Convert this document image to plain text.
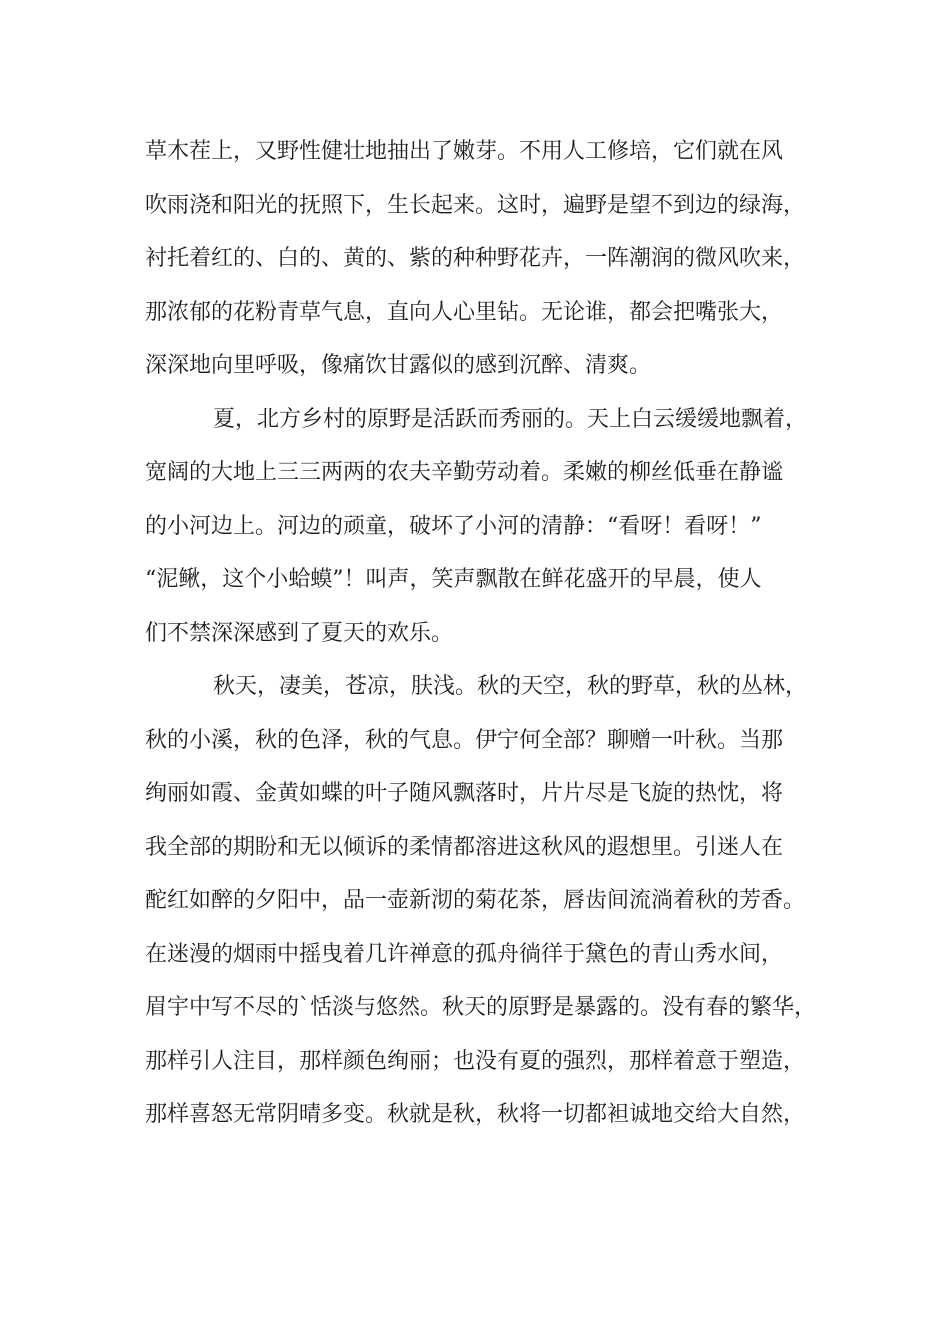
草木茬上，又野性健壮地抽出了嫩芽。不用人工修培，它们就在风
吹雨浇和阳光的抚照下，生长起来。这时，遍野是望不到边的绿海，
衬托着红的、白的、黄的、紫的种种野花卉，一阵潮润的微风吹来，
那浓郁的花粉青草气息，直向人心里钻。无论谁，都会把嘴张大，
深深地向里呼吸，像痛饮甘露似的感到沉醉、清爽。
夏，北方乡村的原野是活跃而秀丽的。天上白云缓缓地飘着，
宽阔的大地上三三两两的农夫辛勤劳动着。柔嫩的柳丝低垂在静谧
的小河边上。河边的顽童，破坏了小河的清静：“看呀！看呀！”
“泥鳅，这个小蛤蟆”！叫声，笑声飘散在鲜花盛开的早晨，使人
们不禁深深感到了夏天的欢乐。
秋天，凄美，苍凉，肤浅。秋的天空，秋的野草，秋的丛林，
秋的小溪，秋的色泽，秋的气息。伊宁何全部？聊赠一叶秋。当那
绚丽如霞、金黄如蝶的叶子随风飘落时，片片尽是飞旋的热忱，将
我全部的期盼和无以倾诉的柔情都溶进这秋风的遐想里。引迷人在
酡红如醉的夕阳中，品一壶新沏的菊花茶，唇齿间流淌着秋的芳香。
在迷漫的烟雨中摇曳着几许禅意的孤舟徜徉于黛色的青山秀水间，
眉宇中写不尽的`恬淡与悠然。秋天的原野是暴露的。没有春的繁华，
那样引人注目，那样颜色绚丽；也没有夏的强烈，那样着意于塑造，
那样喜怒无常阴晴多变。秋就是秋，秋将一切都袒诚地交给大自然，
